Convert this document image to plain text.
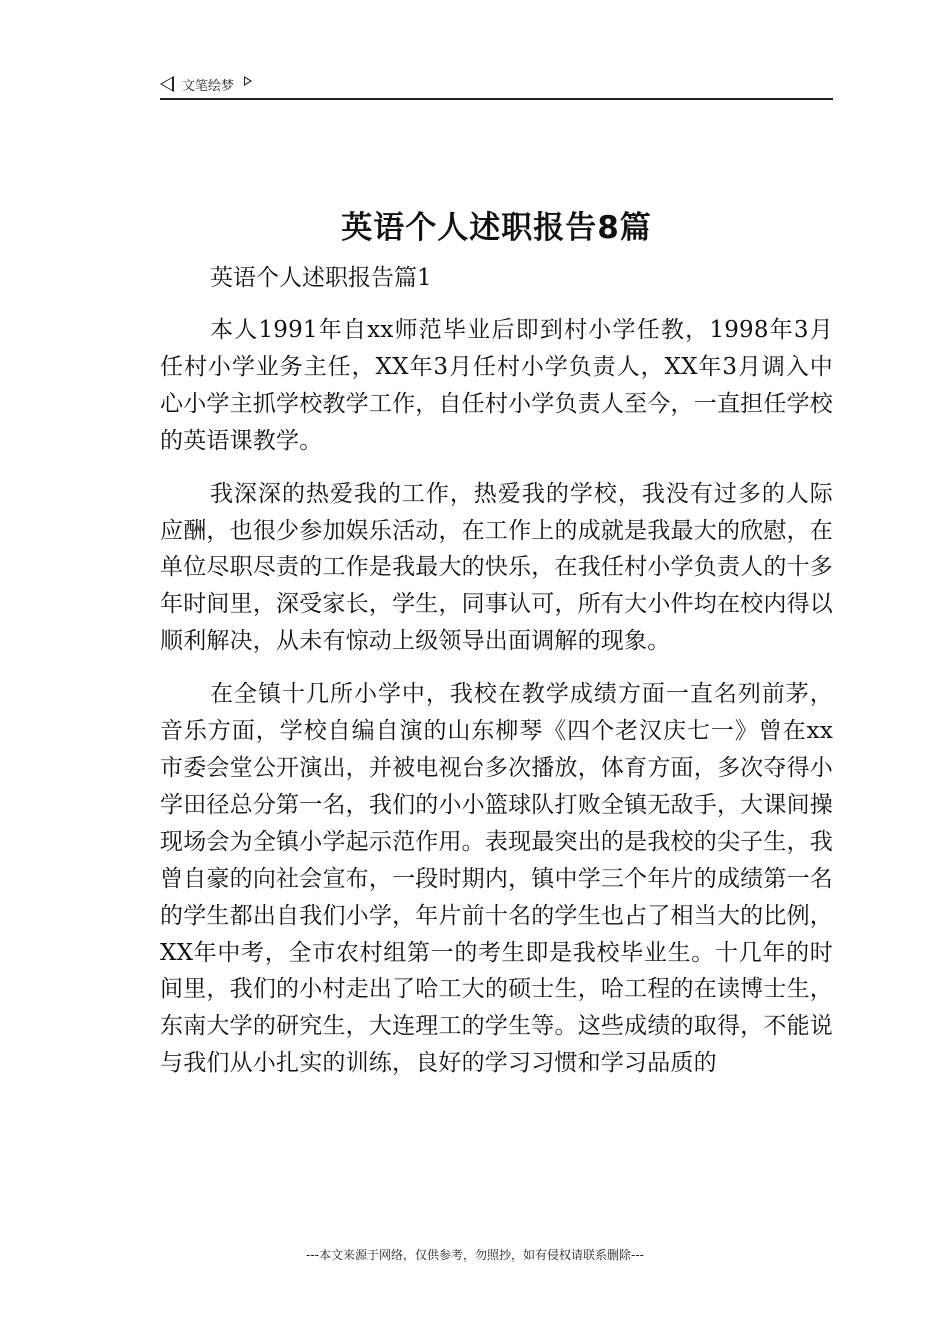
文笔绘梦
英语个人述职报告8篇

英语个人述职报告篇1

本人1991年自xx师范毕业后即到村小学任教，1998年3月任村小学业务主任，XX年3月任村小学负责人，XX年3月调入中心小学主抓学校教学工作，自任村小学负责人至今，一直担任学校的英语课教学。

我深深的热爱我的工作，热爱我的学校，我没有过多的人际应酬，也很少参加娱乐活动，在工作上的成就是我最大的欣慰，在单位尽职尽责的工作是我最大的快乐，在我任村小学负责人的十多年时间里，深受家长，学生，同事认可，所有大小件均在校内得以顺利解决，从未有惊动上级领导出面调解的现象。

在全镇十几所小学中，我校在教学成绩方面一直名列前茅，音乐方面，学校自编自演的山东柳琴《四个老汉庆七一》曾在xx市委会堂公开演出，并被电视台多次播放，体育方面，多次夺得小学田径总分第一名，我们的小小篮球队打败全镇无敌手，大课间操现场会为全镇小学起示范作用。表现最突出的是我校的尖子生，我曾自豪的向社会宣布，一段时期内，镇中学三个年片的成绩第一名的学生都出自我们小学，年片前十名的学生也占了相当大的比例，XX年中考，全市农村组第一的考生即是我校毕业生。十几年的时间里，我们的小村走出了哈工大的硕士生，哈工程的在读博士生，东南大学的研究生，大连理工的学生等。这些成绩的取得，不能说与我们从小扎实的训练，良好的学习习惯和学习品质的

---本文来源于网络，仅供参考，勿照抄，如有侵权请联系删除---
